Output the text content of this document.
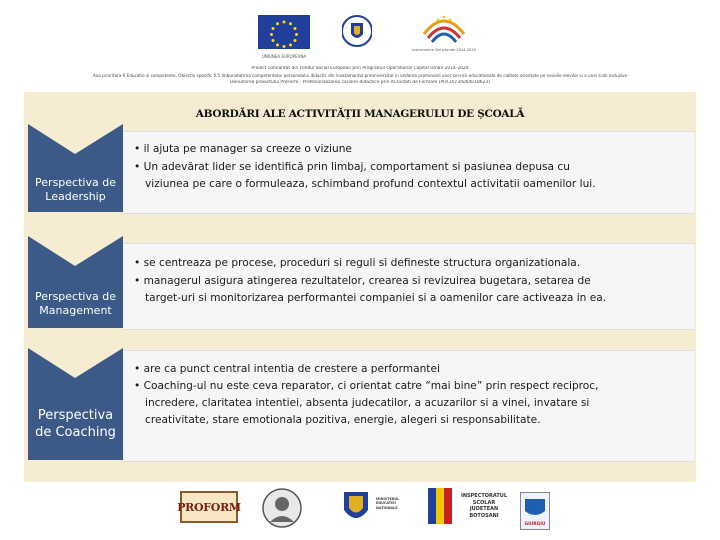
UNIUNEA EUROPEANA
Instrumente Structurale 2014-2020
Proiect cofinantat din Fondul Social European prin Programul Operational Capital Uman 2014-2020
Axa prioritara 6 Educatie si competente, Obiectiv specific 6.5 Imbunatatirea competentelor personalului didactic din invatamantul preuniversitar in vederea promovarii unor servicii educationale de calitate orientate pe nevoile elevilor si a unei scoli incluzive
Denumirea proiectului ProForm - Profesionalizarea carierei didactice prin ACtivitati de Formare (POCU/73/6/6/6/18623)
ABORDĂRI ALE ACTIVITĂȚII MANAGERULUI DE ȘCOALĂ
Perspectiva de Leadership
• il ajuta pe manager sa creeze o viziune
• Un adevărat lider se identifică prin limbaj, comportament si pasiunea depusa cu
viziunea pe care o formuleaza, schimband profund contextul activitatii oamenilor lui.
Perspectiva de Management
• se centreaza pe procese, proceduri si reguli si defineste structura organizationala.
• managerul asigura atingerea rezultatelor, crearea si revizuirea bugetara, setarea de
target-uri si monitorizarea performantei companiei si a oamenilor care activeaza in ea.
Perspectiva de Coaching
• are ca punct central intentia de crestere a performantei
• Coaching-ul nu este ceva reparator, ci orientat catre “mai bine” prin respect reciproc,
incredere, claritatea intentiei, absenta judecatilor, a acuzarilor si a vinei, invatare si
creativitate, stare emotionala pozitiva, energie, alegeri si responsabilitate.
PROFORM
MINISTERUL EDUCATIEI NATIONALE
INSPECTORATUL SCOLAR JUDETEAN BOTOSANI
GIURGIU
